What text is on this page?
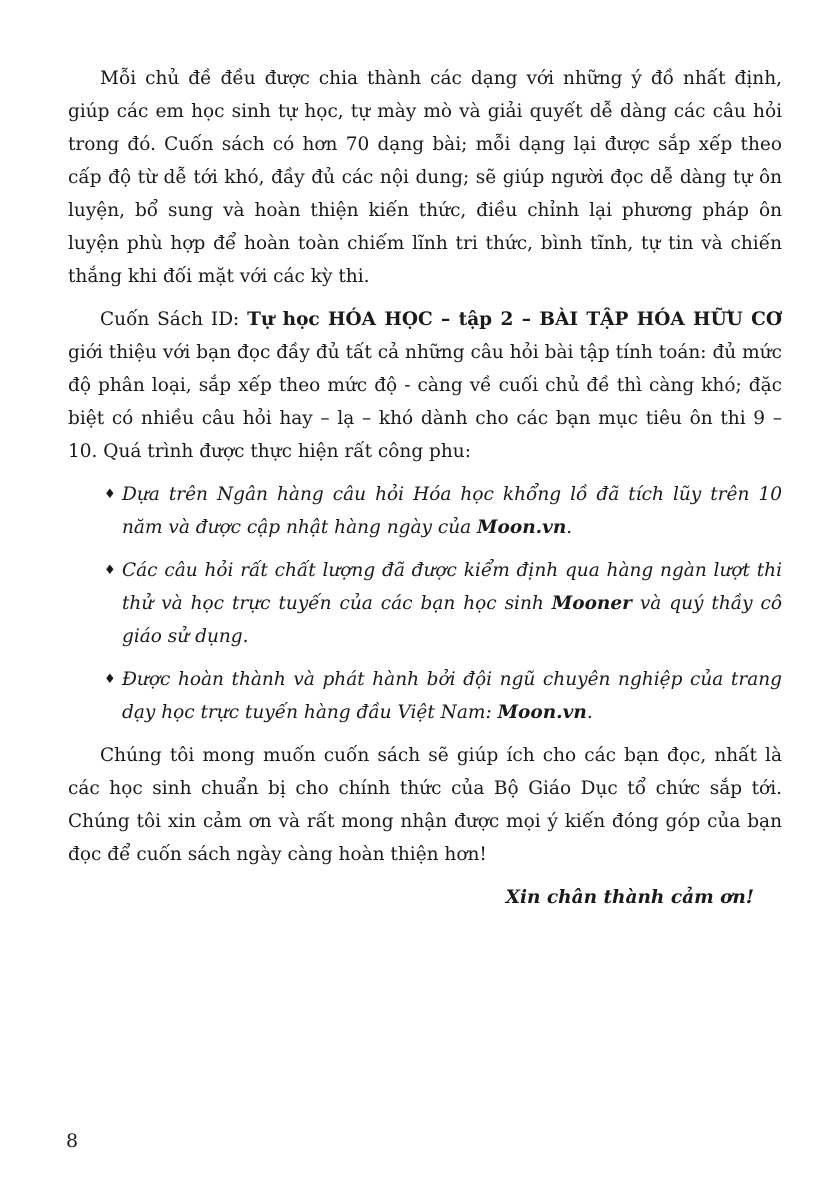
Mỗi chủ đề đều được chia thành các dạng với những ý đồ nhất định, giúp các em học sinh tự học, tự mày mò và giải quyết dễ dàng các câu hỏi trong đó. Cuốn sách có hơn 70 dạng bài; mỗi dạng lại được sắp xếp theo cấp độ từ dễ tới khó, đầy đủ các nội dung; sẽ giúp người đọc dễ dàng tự ôn luyện, bổ sung và hoàn thiện kiến thức, điều chỉnh lại phương pháp ôn luyện phù hợp để hoàn toàn chiếm lĩnh tri thức, bình tĩnh, tự tin và chiến thắng khi đối mặt với các kỳ thi.

Cuốn Sách ID: Tự học HÓA HỌC – tập 2 – BÀI TẬP HÓA HỮU CƠ giới thiệu với bạn đọc đầy đủ tất cả những câu hỏi bài tập tính toán: đủ mức độ phân loại, sắp xếp theo mức độ - càng về cuối chủ đề thì càng khó; đặc biệt có nhiều câu hỏi hay – lạ – khó dành cho các bạn mục tiêu ôn thi 9 – 10. Quá trình được thực hiện rất công phu:

♦ Dựa trên Ngân hàng câu hỏi Hóa học khổng lồ đã tích lũy trên 10 năm và được cập nhật hàng ngày của Moon.vn.
♦ Các câu hỏi rất chất lượng đã được kiểm định qua hàng ngàn lượt thi thử và học trực tuyến của các bạn học sinh Mooner và quý thầy cô giáo sử dụng.
♦ Được hoàn thành và phát hành bởi đội ngũ chuyên nghiệp của trang dạy học trực tuyến hàng đầu Việt Nam: Moon.vn.

Chúng tôi mong muốn cuốn sách sẽ giúp ích cho các bạn đọc, nhất là các học sinh chuẩn bị cho chính thức của Bộ Giáo Dục tổ chức sắp tới. Chúng tôi xin cảm ơn và rất mong nhận được mọi ý kiến đóng góp của bạn đọc để cuốn sách ngày càng hoàn thiện hơn!

Xin chân thành cảm ơn!

8
